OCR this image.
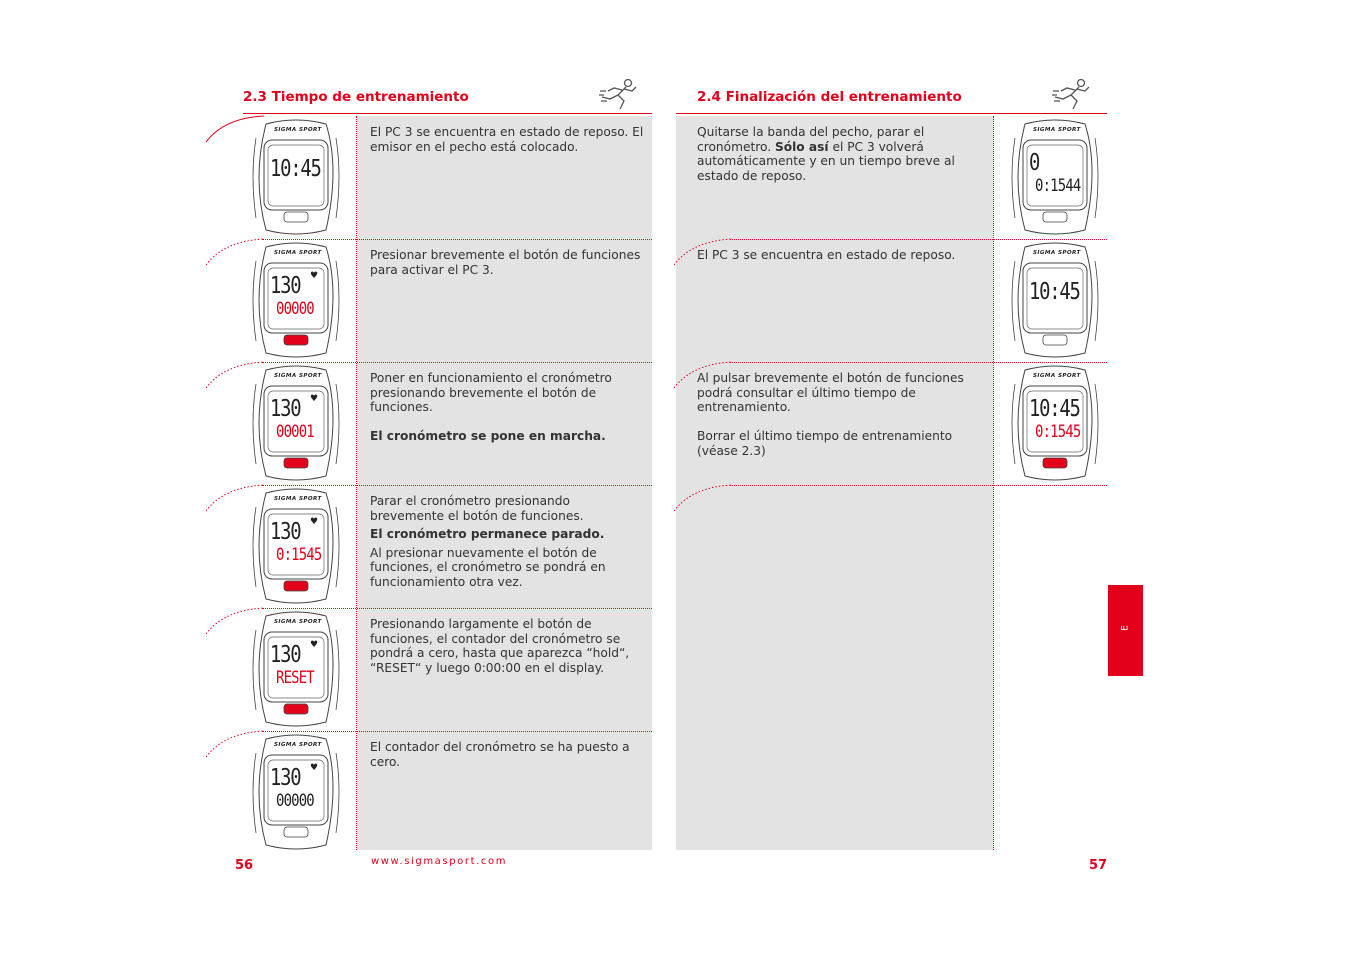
2.3 Tiempo de entrenamiento
SIGMA SPORT
10:45

El PC 3 se encuentra en estado de reposo. El emisor en el pecho está colocado.

SIGMA SPORT
130 ♥
00000

Presionar brevemente el botón de funciones para activar el PC 3.

SIGMA SPORT
130 ♥
00001

Poner en funcionamiento el cronómetro presionando brevemente el botón de funciones.

El cronómetro se pone en marcha.
SIGMA SPORT
130 ♥
0:1545

Parar el cronómetro presionando brevemente el botón de funciones.

El cronómetro permanece parado.

Al presionar nuevamente el botón de funciones, el cronómetro se pondrá en funcionamiento otra vez.

SIGMA SPORT
130 ♥
RESET

Presionando largamente el botón de funciones, el contador del cronómetro se pondrá a cero, hasta que aparezca “hold“, “RESET“ y luego 0:00:00 en el display.

SIGMA SPORT
130 ♥
00000

El contador del cronómetro se ha puesto a cero.

56	www.sigmasport.com
2.4 Finalización del entrenamiento
SIGMA SPORT
0
0:1544
Quitarse la banda del pecho, parar el cronómetro. Sólo así el PC 3 volverá automáticamente y en un tiempo breve al estado de reposo.
SIGMA SPORT
10:45
El PC 3 se encuentra en estado de reposo.
SIGMA SPORT
10:45
0:1545
Al pulsar brevemente el botón de funciones podrá consultar el último tiempo de entrenamiento.

Borrar el último tiempo de entrenamiento (véase 2.3)
E
57
